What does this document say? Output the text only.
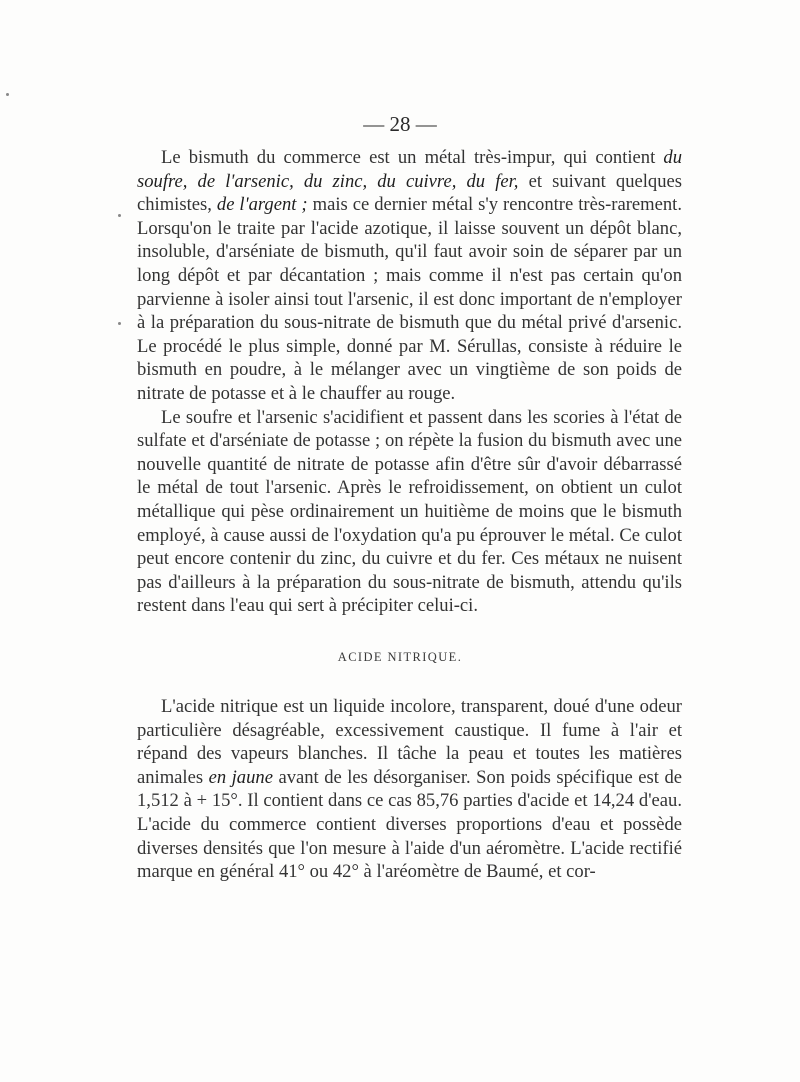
— 28 —

Le bismuth du commerce est un métal très-impur, qui contient du soufre, de l'arsenic, du zinc, du cuivre, du fer, et suivant quelques chimistes, de l'argent ; mais ce dernier métal s'y rencontre très-rarement. Lorsqu'on le traite par l'acide azotique, il laisse souvent un dépôt blanc, insoluble, d'arséniate de bismuth, qu'il faut avoir soin de séparer par un long dépôt et par décantation ; mais comme il n'est pas certain qu'on parvienne à isoler ainsi tout l'arsenic, il est donc important de n'employer à la préparation du sous-nitrate de bismuth que du métal privé d'arsenic. Le procédé le plus simple, donné par M. Sérullas, consiste à réduire le bismuth en poudre, à le mélanger avec un vingtième de son poids de nitrate de potasse et à le chauffer au rouge.

Le soufre et l'arsenic s'acidifient et passent dans les scories à l'état de sulfate et d'arséniate de potasse ; on répète la fusion du bismuth avec une nouvelle quantité de nitrate de potasse afin d'être sûr d'avoir débarrassé le métal de tout l'arsenic. Après le refroidissement, on obtient un culot métallique qui pèse ordinairement un huitième de moins que le bismuth employé, à cause aussi de l'oxydation qu'a pu éprouver le métal. Ce culot peut encore contenir du zinc, du cuivre et du fer. Ces métaux ne nuisent pas d'ailleurs à la préparation du sous-nitrate de bismuth, attendu qu'ils restent dans l'eau qui sert à précipiter celui-ci.

ACIDE NITRIQUE.

L'acide nitrique est un liquide incolore, transparent, doué d'une odeur particulière désagréable, excessivement caustique. Il fume à l'air et répand des vapeurs blanches. Il tâche la peau et toutes les matières animales en jaune avant de les désorganiser. Son poids spécifique est de 1,512 à + 15°. Il contient dans ce cas 85,76 parties d'acide et 14,24 d'eau. L'acide du commerce contient diverses proportions d'eau et possède diverses densités que l'on mesure à l'aide d'un aéromètre. L'acide rectifié marque en général 41° ou 42° à l'aréomètre de Baumé, et cor-
